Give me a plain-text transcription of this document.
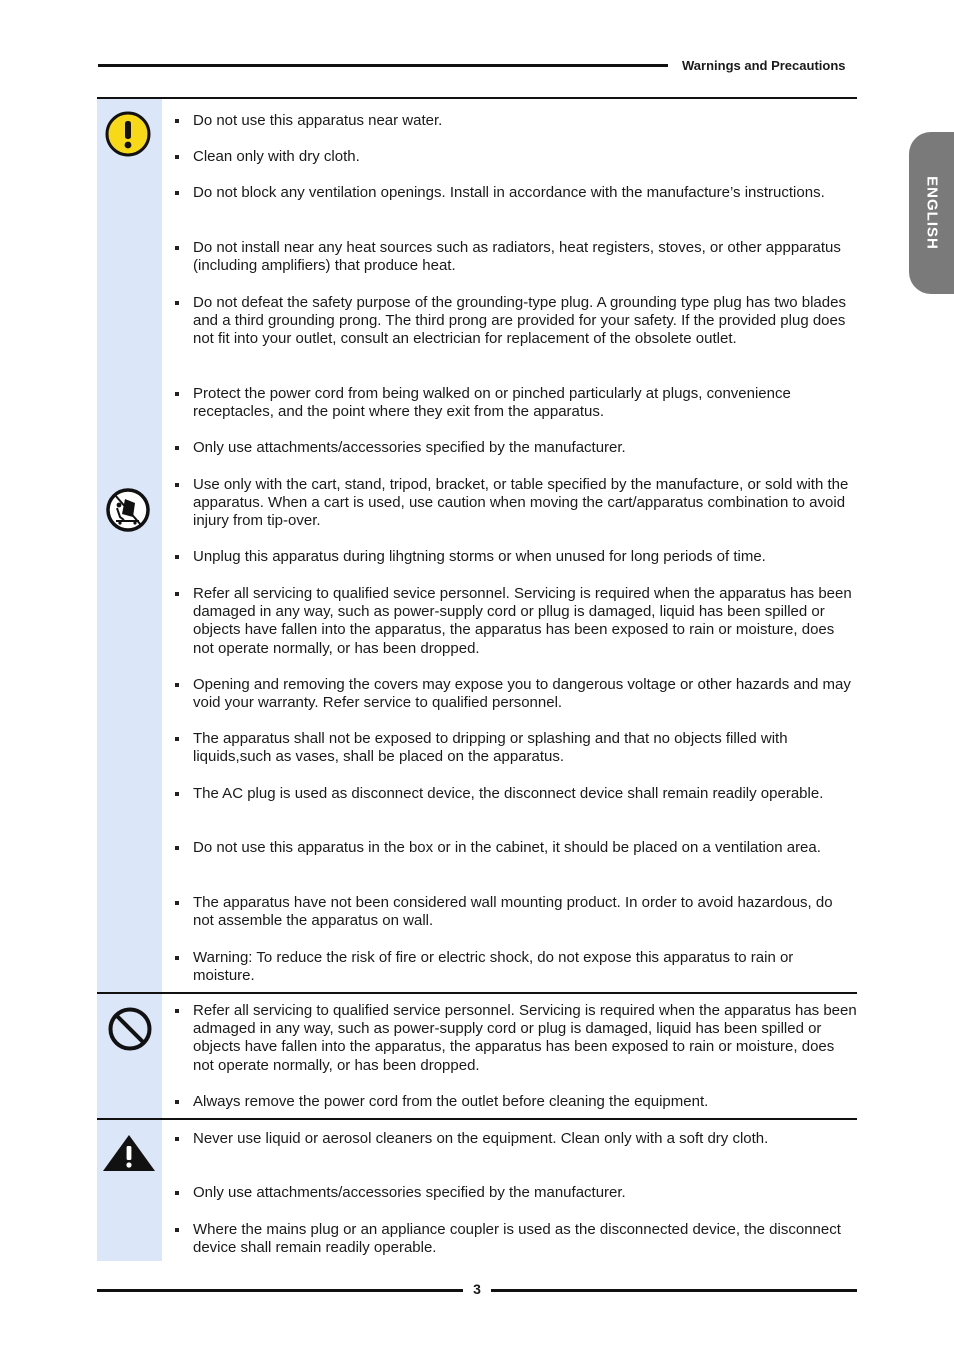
Warnings and Precautions
ENGLISH
Do not use this apparatus near water.
Clean only with dry cloth.
Do not block any ventilation openings. Install in accordance with the manufacture’s instructions.
Do not install near any heat sources such as radiators, heat registers, stoves, or other appparatus (including amplifiers) that produce heat.
Do not defeat the safety purpose of the grounding-type plug. A grounding type plug has two blades and a third grounding prong. The third prong are provided for your safety. If the provided plug does not fit into your outlet, consult an electrician for replacement of the obsolete outlet.
Protect the power cord from being walked on or pinched particularly at plugs, convenience receptacles, and the point where they exit from the apparatus.
Only use attachments/accessories specified by the manufacturer.
Use only with the cart, stand, tripod, bracket, or table specified by the manufacture, or sold with the apparatus. When a cart is used, use caution when moving the cart/apparatus combination to avoid injury from tip-over.
Unplug this apparatus during lihgtning storms or when unused for long periods of time.
Refer all servicing to qualified sevice personnel. Servicing is required when the apparatus has been damaged in any way, such as power-supply cord or pllug is damaged, liquid has been spilled or objects have fallen into the apparatus, the apparatus has been exposed to rain or moisture, does not operate normally, or has been dropped.
Opening and removing the covers may expose you to dangerous voltage or other hazards and may void your warranty. Refer service to qualified personnel.
The apparatus shall not be exposed to dripping or splashing and that no objects filled with liquids,such as vases, shall be placed on the apparatus.
The AC plug is used as disconnect device, the disconnect device shall remain readily operable.
Do not use this apparatus in the box or in the cabinet, it should be placed on a ventilation area.
The apparatus have not been considered wall mounting product. In order to avoid hazardous, do not assemble the apparatus on wall.
Warning: To reduce the risk of fire or electric shock, do not expose this apparatus to rain or moisture.
Refer all servicing to qualified service personnel. Servicing is required when the apparatus has been admaged in any way, such as power-supply cord or plug is damaged, liquid has been spilled or objects have fallen into the apparatus, the apparatus has been exposed to rain or moisture, does not operate normally, or has been dropped.
Always remove the power cord from the outlet before cleaning the equipment.
Never use liquid or aerosol cleaners on the equipment. Clean only with a soft dry cloth.
Only use attachments/accessories specified by the manufacturer.
Where the mains plug or an appliance coupler is used as the disconnected device, the disconnect device shall remain readily operable.
3
